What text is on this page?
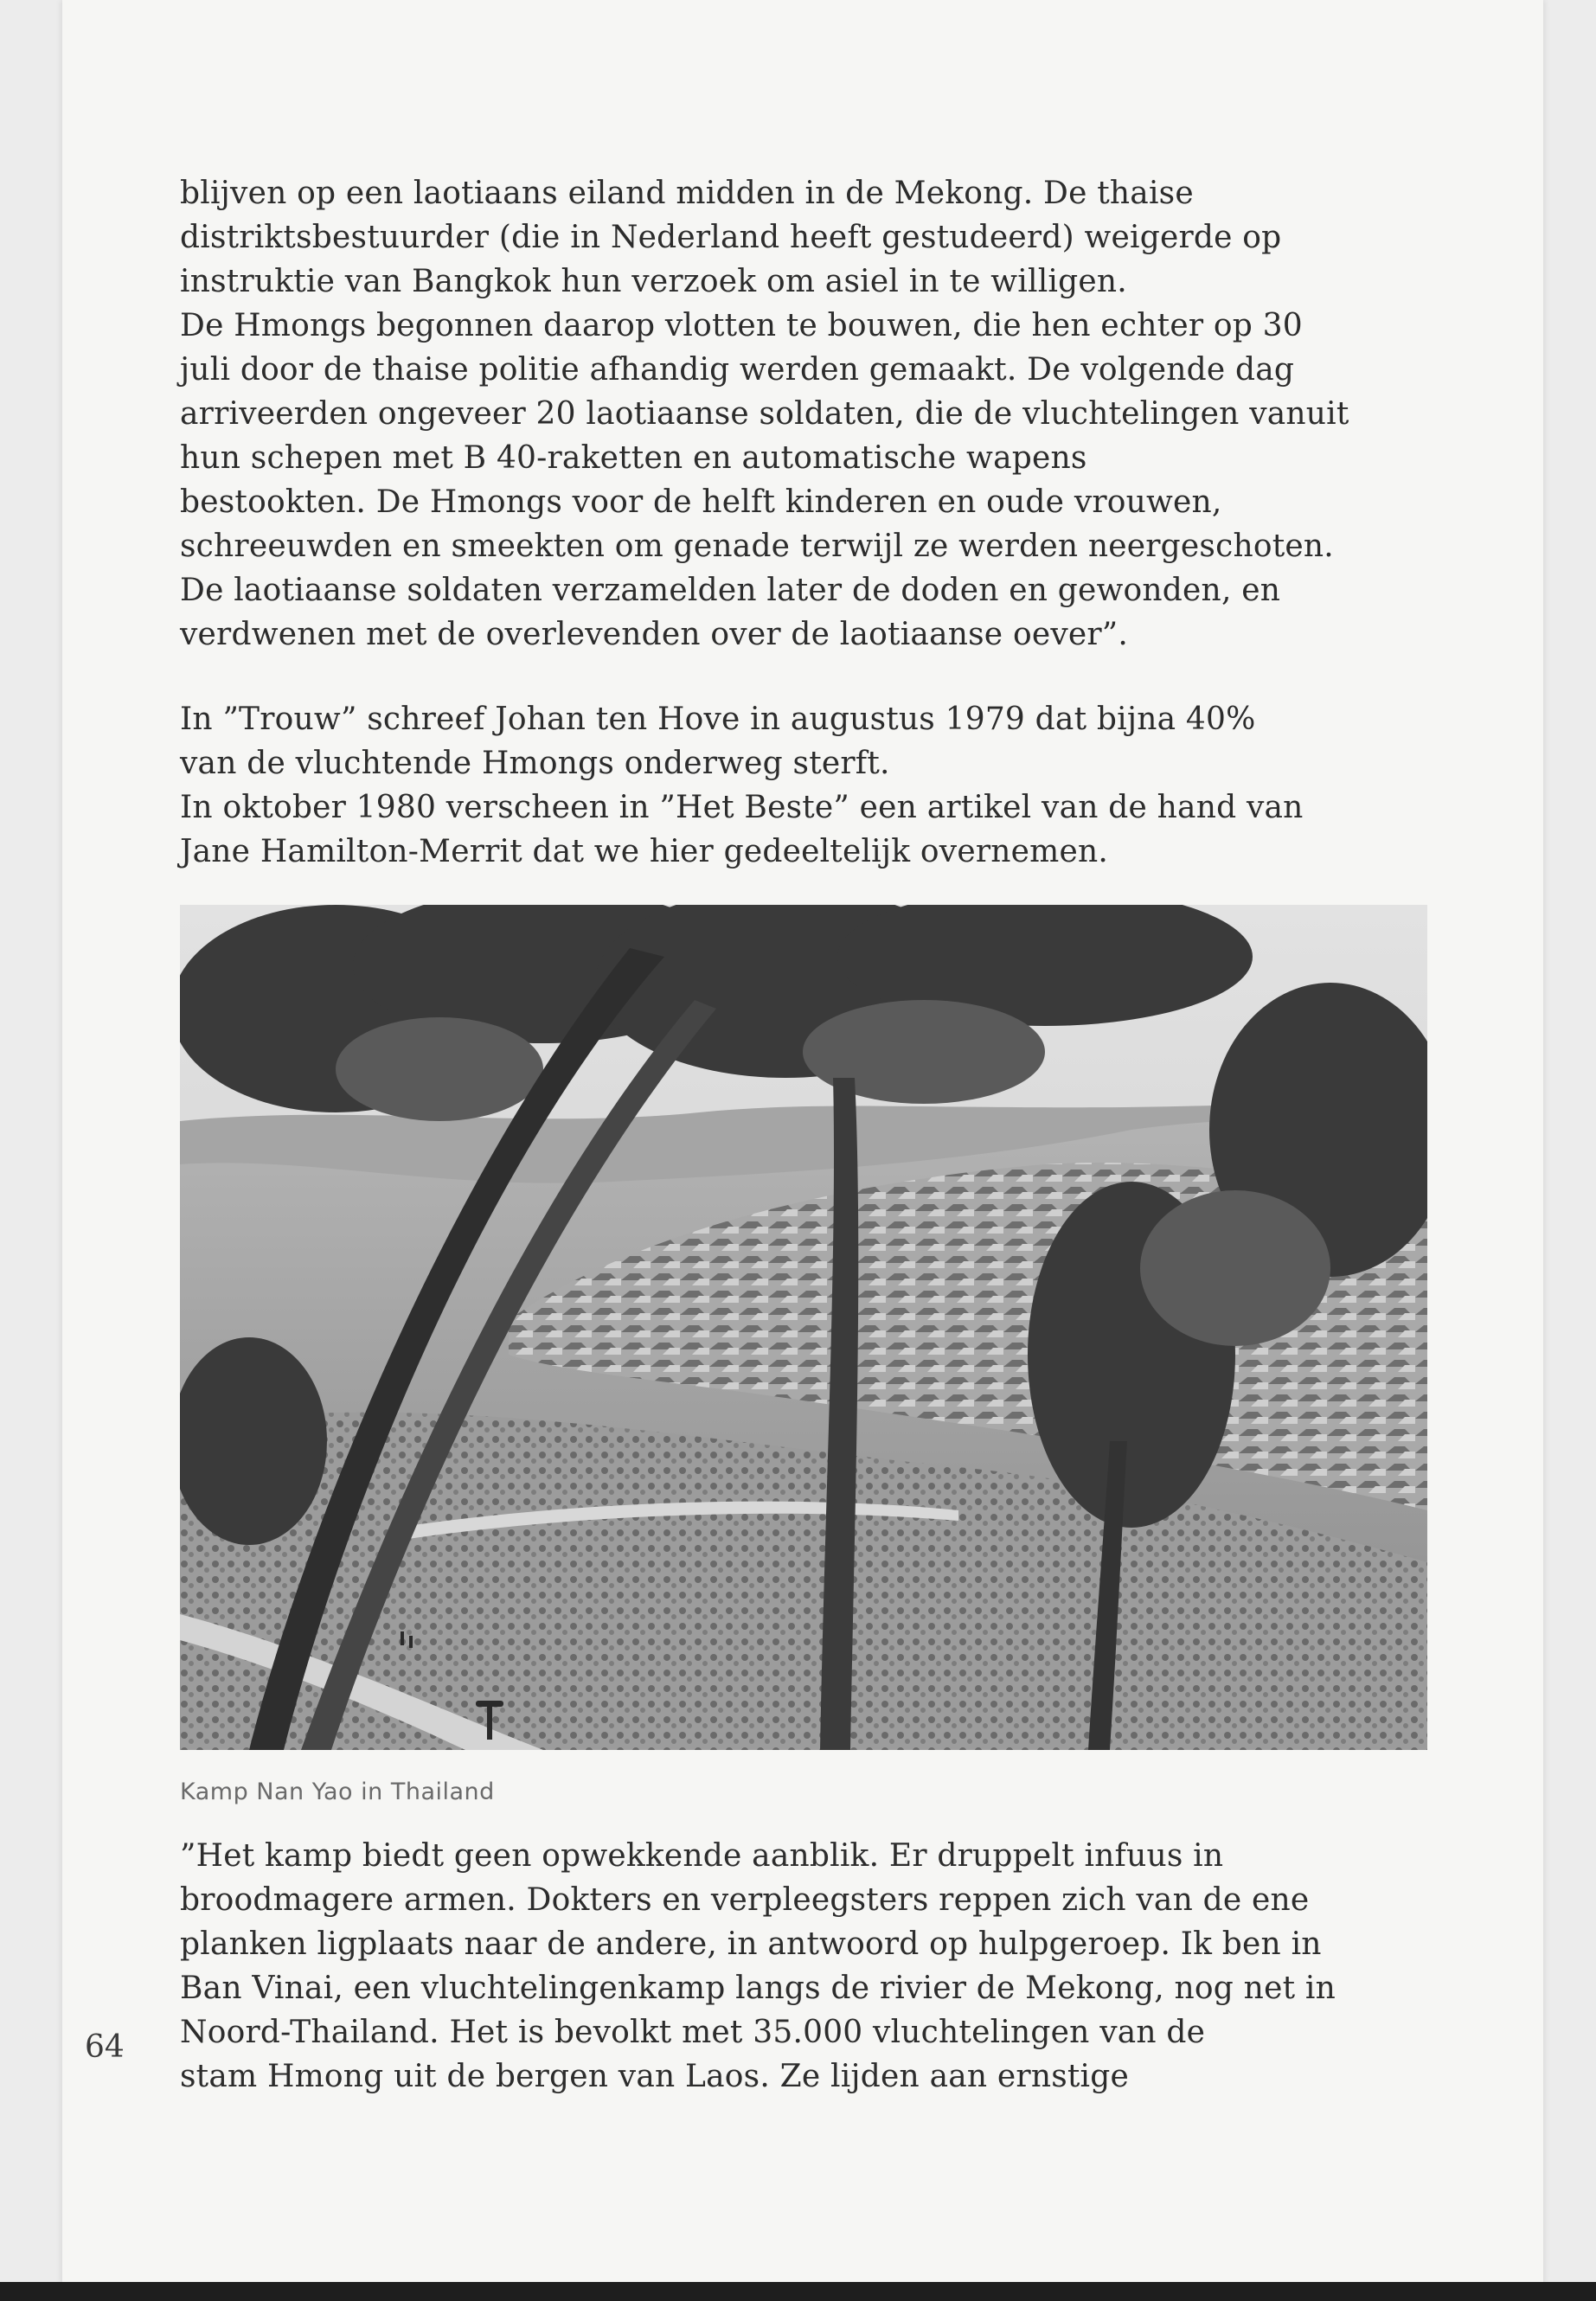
blijven op een laotiaans eiland midden in de Mekong. De thaise
distriktsbestuurder (die in Nederland heeft gestudeerd) weigerde op
instruktie van Bangkok hun verzoek om asiel in te willigen.
De Hmongs begonnen daarop vlotten te bouwen, die hen echter op 30
juli door de thaise politie afhandig werden gemaakt. De volgende dag
arriveerden ongeveer 20 laotiaanse soldaten, die de vluchtelingen vanuit
hun schepen met B 40-raketten en automatische wapens
bestookten. De Hmongs voor de helft kinderen en oude vrouwen,
schreeuwden en smeekten om genade terwijl ze werden neergeschoten.
De laotiaanse soldaten verzamelden later de doden en gewonden, en
verdwenen met de overlevenden over de laotiaanse oever”.
In ”Trouw” schreef Johan ten Hove in augustus 1979 dat bijna 40%
van de vluchtende Hmongs onderweg sterft.
In oktober 1980 verscheen in ”Het Beste” een artikel van de hand van
Jane Hamilton-Merrit dat we hier gedeeltelijk overnemen.
Kamp Nan Yao in Thailand
”Het kamp biedt geen opwekkende aanblik. Er druppelt infuus in
broodmagere armen. Dokters en verpleegsters reppen zich van de ene
planken ligplaats naar de andere, in antwoord op hulpgeroep. Ik ben in
Ban Vinai, een vluchtelingenkamp langs de rivier de Mekong, nog net in
Noord-Thailand. Het is bevolkt met 35.000 vluchtelingen van de
stam Hmong uit de bergen van Laos. Ze lijden aan ernstige
64
